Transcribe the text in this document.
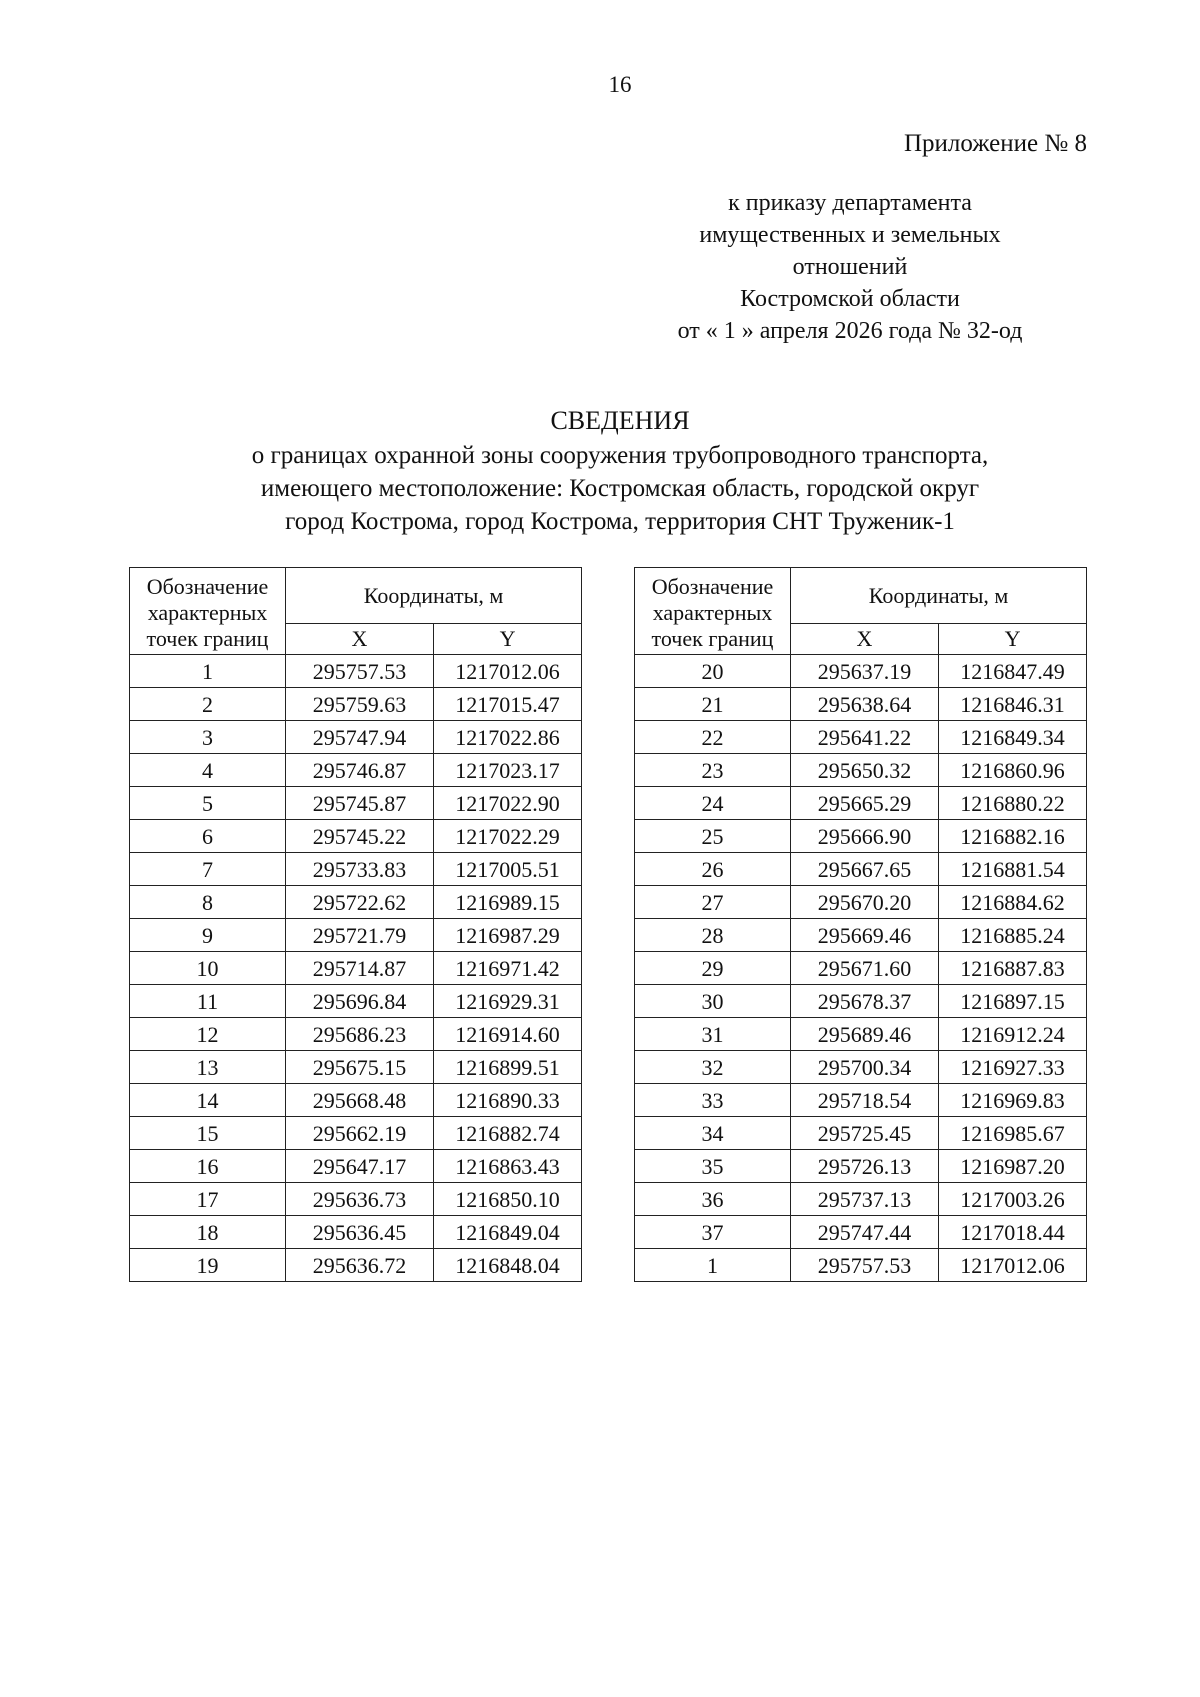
16
Приложение № 8
к приказу департамента
имущественных и земельных
отношений
Костромской области
от « 1 » апреля 2026 года № 32-од
СВЕДЕНИЯ
о границах охранной зоны сооружения трубопроводного транспорта,
имеющего местоположение: Костромская область, городской округ
город Кострома, город Кострома, территория СНТ Труженик-1
Обозначение характерных точек границ	Координаты, м	
	X	Y
1	295757.53	1217012.06
2	295759.63	1217015.47
3	295747.94	1217022.86
4	295746.87	1217023.17
5	295745.87	1217022.90
6	295745.22	1217022.29
7	295733.83	1217005.51
8	295722.62	1216989.15
9	295721.79	1216987.29
10	295714.87	1216971.42
11	295696.84	1216929.31
12	295686.23	1216914.60
13	295675.15	1216899.51
14	295668.48	1216890.33
15	295662.19	1216882.74
16	295647.17	1216863.43
17	295636.73	1216850.10
18	295636.45	1216849.04
19	295636.72	1216848.04
Обозначение характерных точек границ	Координаты, м	
	X	Y
20	295637.19	1216847.49
21	295638.64	1216846.31
22	295641.22	1216849.34
23	295650.32	1216860.96
24	295665.29	1216880.22
25	295666.90	1216882.16
26	295667.65	1216881.54
27	295670.20	1216884.62
28	295669.46	1216885.24
29	295671.60	1216887.83
30	295678.37	1216897.15
31	295689.46	1216912.24
32	295700.34	1216927.33
33	295718.54	1216969.83
34	295725.45	1216985.67
35	295726.13	1216987.20
36	295737.13	1217003.26
37	295747.44	1217018.44
1	295757.53	1217012.06
